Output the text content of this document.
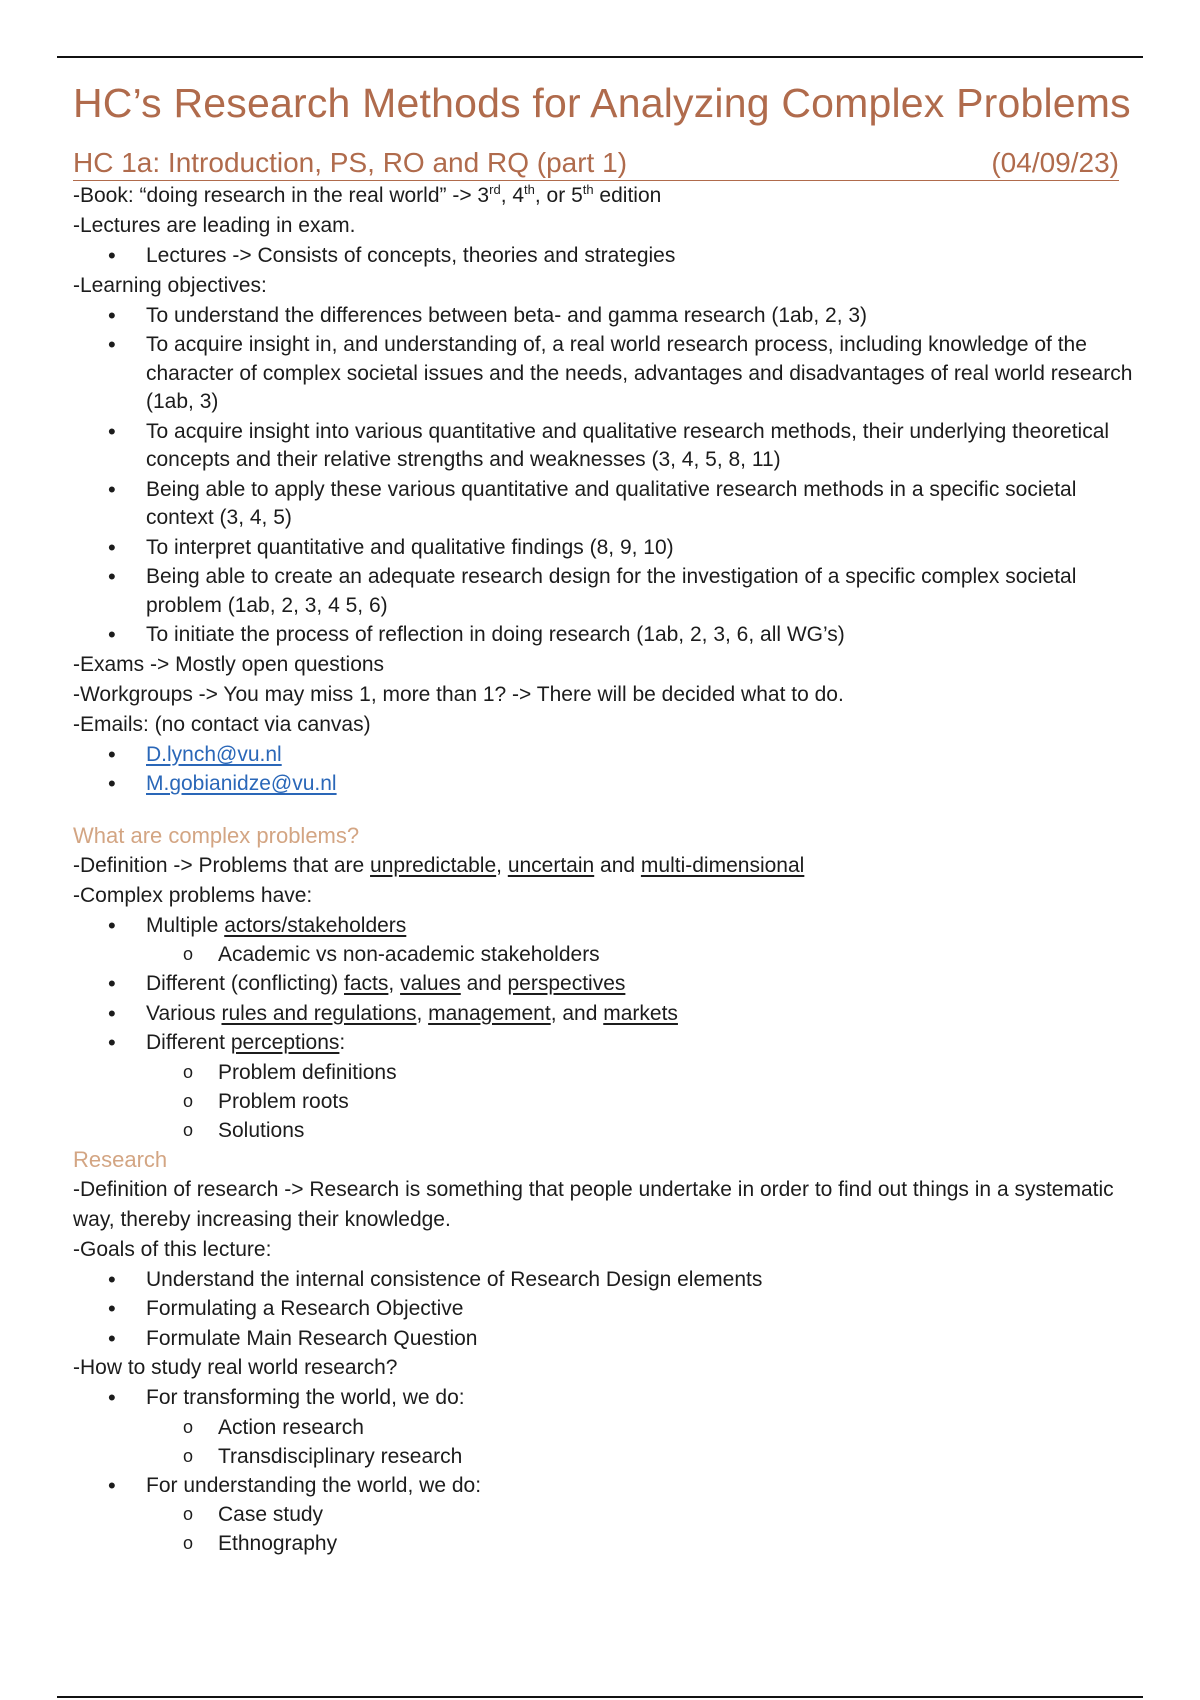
HC’s Research Methods for Analyzing Complex Problems
HC 1a: Introduction, PS, RO and RQ (part 1)	(04/09/23)
-Book: “doing research in the real world” -> 3rd, 4th, or 5th edition
-Lectures are leading in exam.
• Lectures -> Consists of concepts, theories and strategies
-Learning objectives:
• To understand the differences between beta- and gamma research (1ab, 2, 3)
• To acquire insight in, and understanding of, a real world research process, including knowledge of the character of complex societal issues and the needs, advantages and disadvantages of real world research (1ab, 3)
• To acquire insight into various quantitative and qualitative research methods, their underlying theoretical concepts and their relative strengths and weaknesses (3, 4, 5, 8, 11)
• Being able to apply these various quantitative and qualitative research methods in a specific societal context (3, 4, 5)
• To interpret quantitative and qualitative findings (8, 9, 10)
• Being able to create an adequate research design for the investigation of a specific complex societal problem (1ab, 2, 3, 4 5, 6)
• To initiate the process of reflection in doing research (1ab, 2, 3, 6, all WG’s)
-Exams -> Mostly open questions
-Workgroups -> You may miss 1, more than 1? -> There will be decided what to do.
-Emails: (no contact via canvas)
• D.lynch@vu.nl
• M.gobianidze@vu.nl
What are complex problems?
-Definition -> Problems that are unpredictable, uncertain and multi-dimensional
-Complex problems have:
• Multiple actors/stakeholders
o Academic vs non-academic stakeholders
• Different (conflicting) facts, values and perspectives
• Various rules and regulations, management, and markets
• Different perceptions:
o Problem definitions
o Problem roots
o Solutions
Research
-Definition of research -> Research is something that people undertake in order to find out things in a systematic way, thereby increasing their knowledge.
-Goals of this lecture:
• Understand the internal consistence of Research Design elements
• Formulating a Research Objective
• Formulate Main Research Question
-How to study real world research?
• For transforming the world, we do:
o Action research
o Transdisciplinary research
• For understanding the world, we do:
o Case study
o Ethnography
